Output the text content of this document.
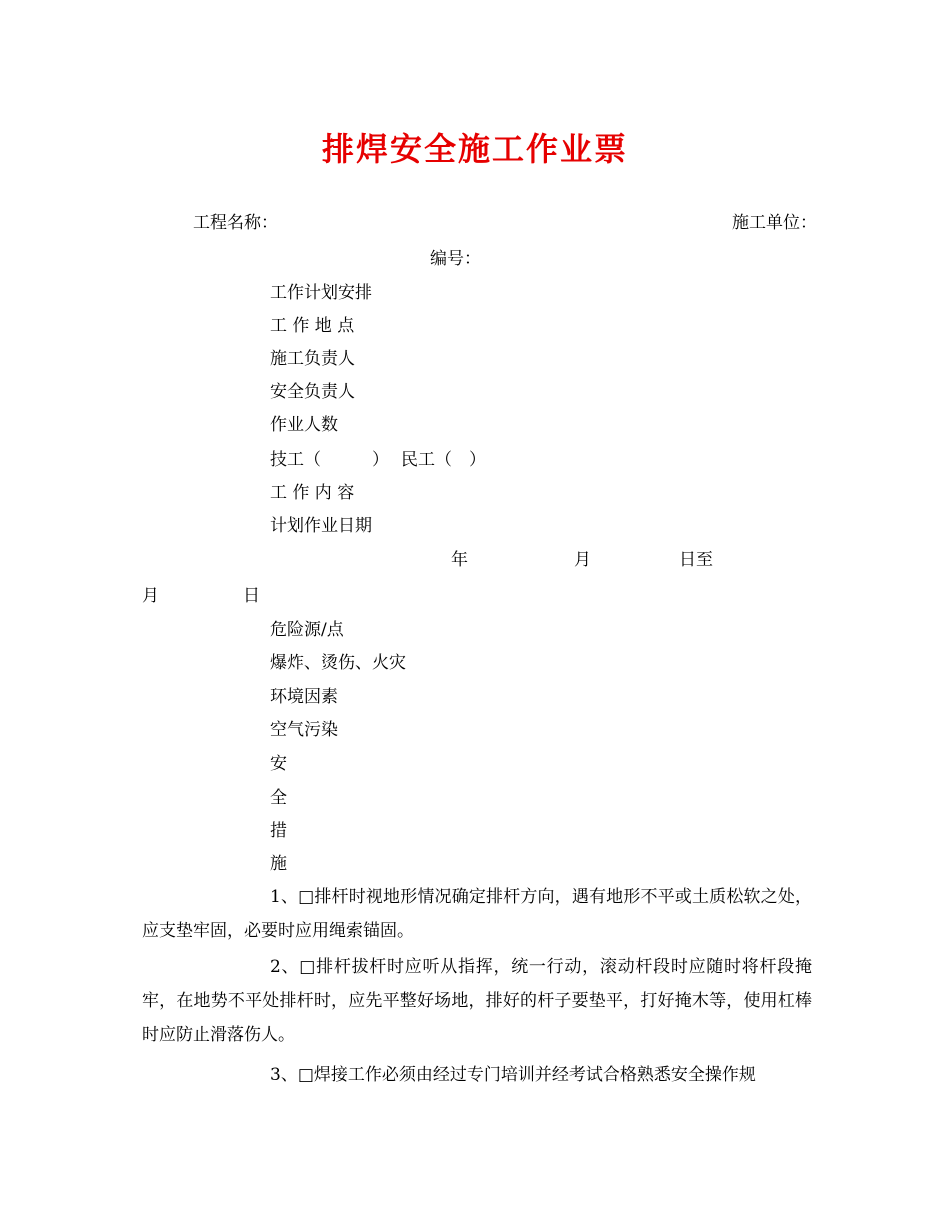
排焊安全施工作业票
工程名称：	施工单位：
编号：
工作计划安排
工 作 地 点
施工负责人
安全负责人
作业人数
技工（　　　） 民工（　）
工 作 内 容
计划作业日期
年	月	日至
月	日
危险源/点
爆炸、烫伤、火灾
环境因素
空气污染
安
全
措
施
1、□排杆时视地形情况确定排杆方向，遇有地形不平或土质松软之处，应支垫牢固，必要时应用绳索锚固。
2、□排杆拔杆时应听从指挥，统一行动，滚动杆段时应随时将杆段掩牢，在地势不平处排杆时，应先平整好场地，排好的杆子要垫平，打好掩木等，使用杠棒时应防止滑落伤人。
3、□焊接工作必须由经过专门培训并经考试合格熟悉安全操作规
